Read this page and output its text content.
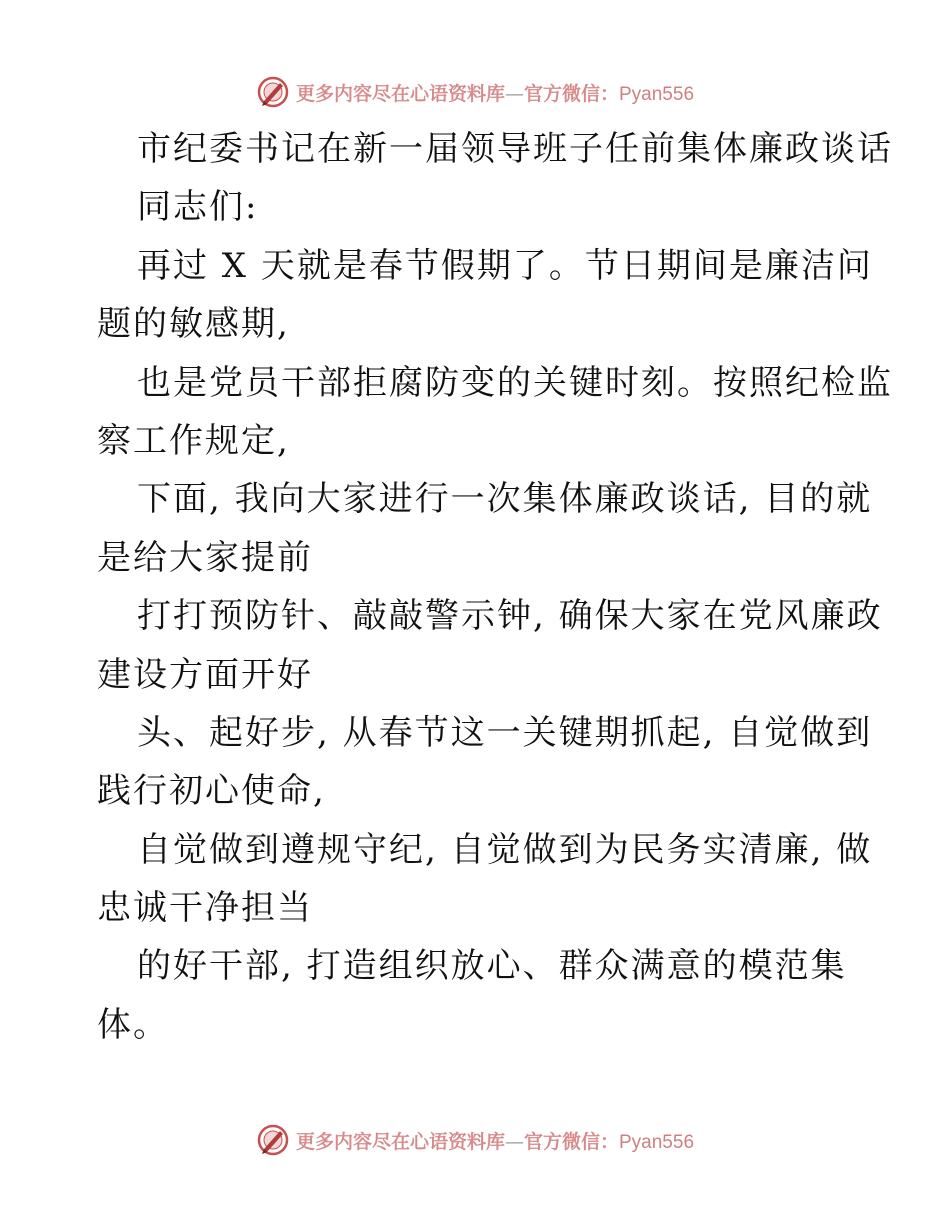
更多内容尽在心语资料库—官方微信：Pyan556
市纪委书记在新一届领导班子任前集体廉政谈话
同志们:
再过 X 天就是春节假期了。节日期间是廉洁问
题的敏感期,
也是党员干部拒腐防变的关键时刻。按照纪检监
察工作规定,
下面, 我向大家进行一次集体廉政谈话, 目的就
是给大家提前
打打预防针、敲敲警示钟, 确保大家在党风廉政
建设方面开好
头、起好步, 从春节这一关键期抓起, 自觉做到
践行初心使命,
自觉做到遵规守纪, 自觉做到为民务实清廉, 做
忠诚干净担当
的好干部, 打造组织放心、群众满意的模范集
体。
更多内容尽在心语资料库—官方微信：Pyan556
